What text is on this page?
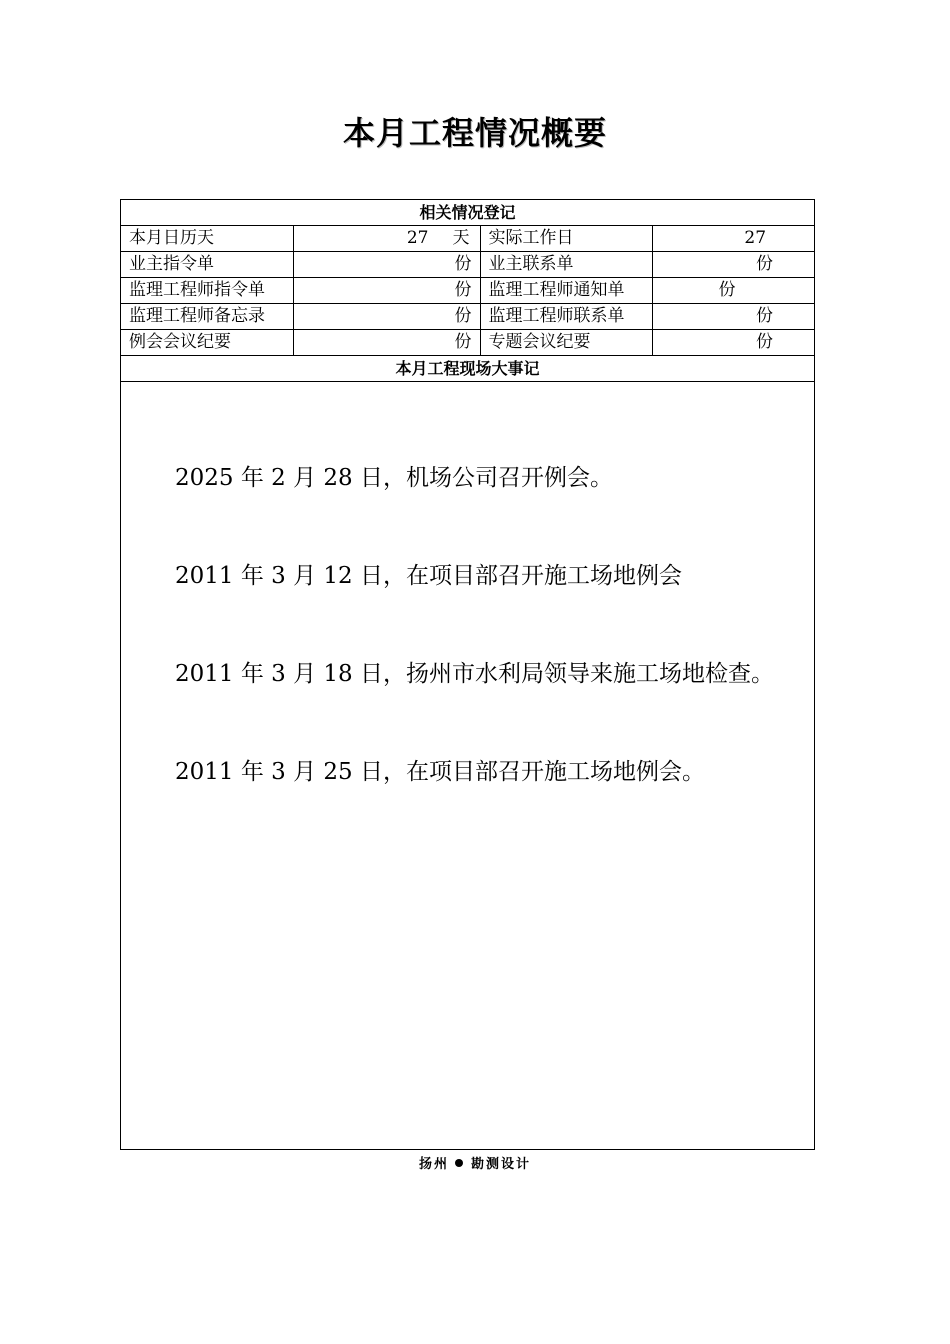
本月工程情况概要
相关情况登记			
本月日历天	27 天	实际工作日	27
业主指令单	份	业主联系单	份
监理工程师指令单	份	监理工程师通知单	份
监理工程师备忘录	份	监理工程师联系单	份
例会会议纪要	份	专题会议纪要	份
本月工程现场大事记			
2025 年 2 月 28 日，机场公司召开例会。
2011 年 3 月 12 日，在项目部召开施工场地例会
2011 年 3 月 18 日，扬州市水利局领导来施工场地检查。
2011 年 3 月 25 日，在项目部召开施工场地例会。
扬州 勘测设计
